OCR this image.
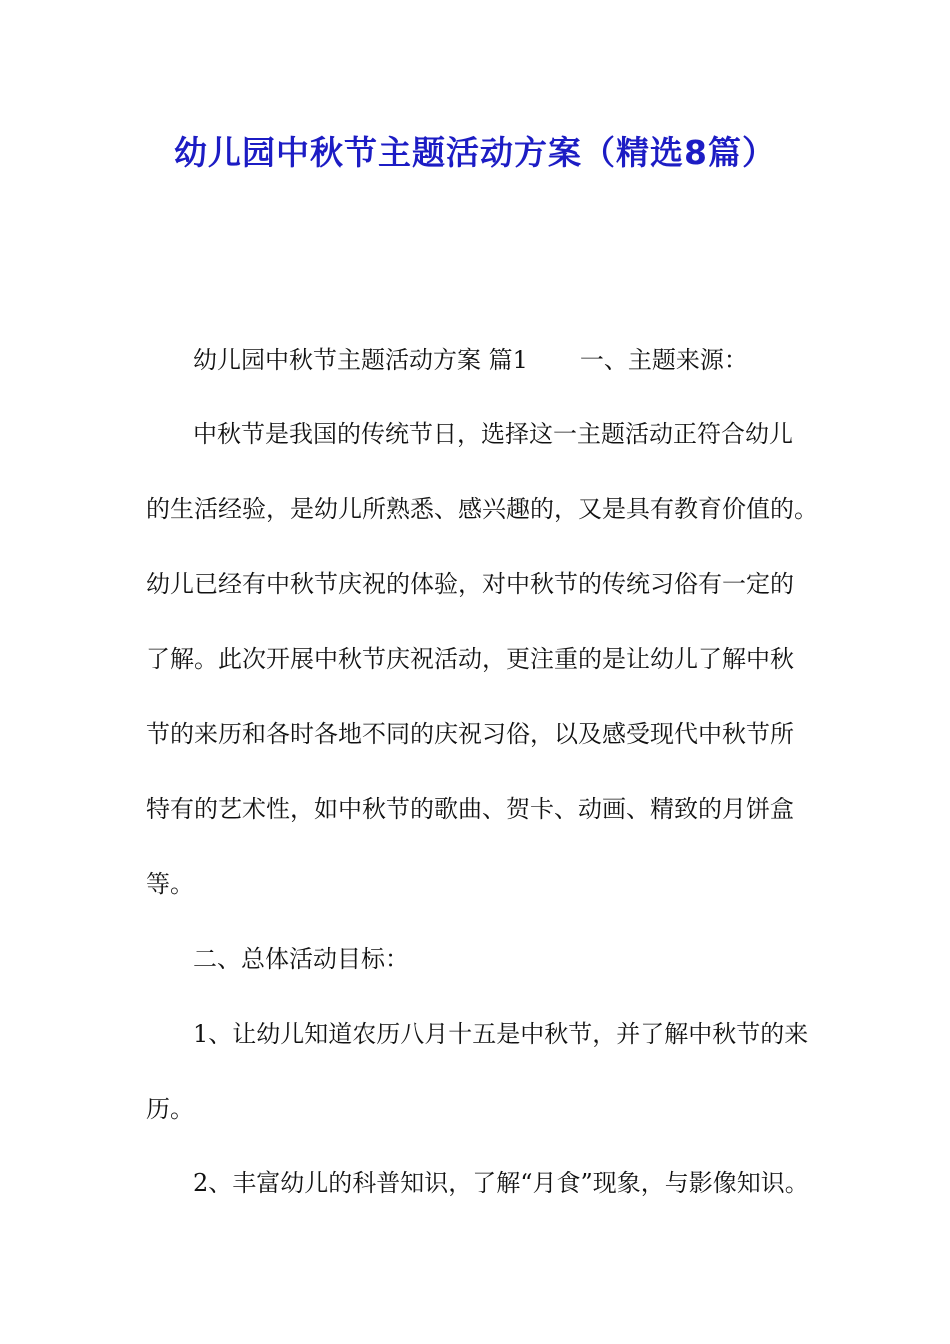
幼儿园中秋节主题活动方案（精选8篇）
幼儿园中秋节主题活动方案 篇1 一、主题来源：
中秋节是我国的传统节日，选择这一主题活动正符合幼儿
的生活经验，是幼儿所熟悉、感兴趣的，又是具有教育价值的。
幼儿已经有中秋节庆祝的体验，对中秋节的传统习俗有一定的
了解。此次开展中秋节庆祝活动，更注重的是让幼儿了解中秋
节的来历和各时各地不同的庆祝习俗，以及感受现代中秋节所
特有的艺术性，如中秋节的歌曲、贺卡、动画、精致的月饼盒
等。
二、总体活动目标：
1、让幼儿知道农历八月十五是中秋节，并了解中秋节的来
历。
2、丰富幼儿的科普知识，了解“月食”现象，与影像知识。
